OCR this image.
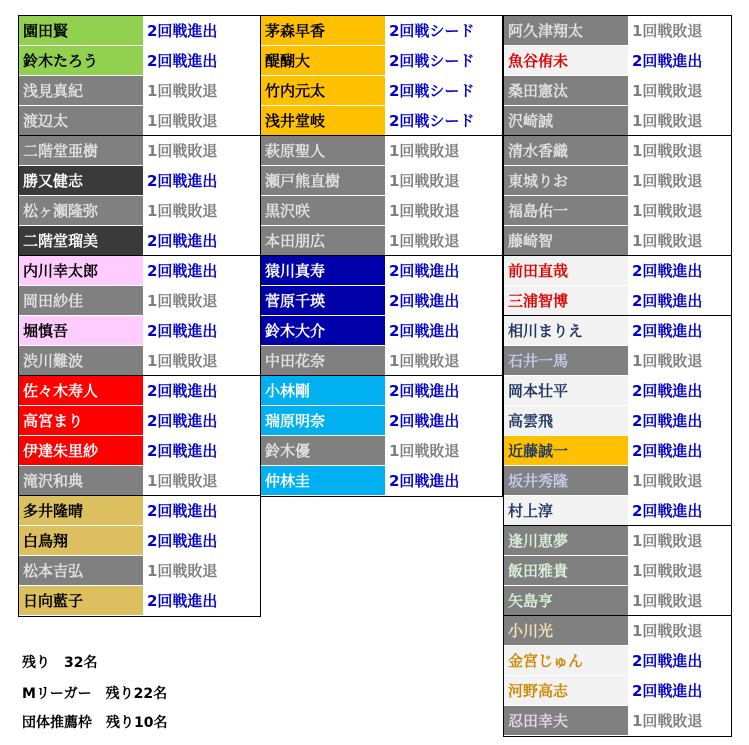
園田賢	2回戦進出
鈴木たろう	2回戦進出
浅見真紀	1回戦敗退
渡辺太	1回戦敗退
二階堂亜樹	1回戦敗退
勝又健志	2回戦進出
松ヶ瀬隆弥	1回戦敗退
二階堂瑠美	2回戦進出
内川幸太郎	2回戦進出
岡田紗佳	1回戦敗退
堀慎吾	2回戦進出
渋川難波	1回戦敗退
佐々木寿人	2回戦進出
高宮まり	2回戦進出
伊達朱里紗	2回戦進出
滝沢和典	1回戦敗退
多井隆晴	2回戦進出
白鳥翔	2回戦進出
松本吉弘	1回戦敗退
日向藍子	2回戦進出
茅森早香	2回戦シード
醍醐大	2回戦シード
竹内元太	2回戦シード
浅井堂岐	2回戦シード
萩原聖人	1回戦敗退
瀬戸熊直樹	1回戦敗退
黒沢咲	1回戦敗退
本田朋広	1回戦敗退
猿川真寿	2回戦進出
菅原千瑛	2回戦進出
鈴木大介	2回戦進出
中田花奈	1回戦敗退
小林剛	2回戦進出
瑞原明奈	2回戦進出
鈴木優	1回戦敗退
仲林圭	2回戦進出
阿久津翔太	1回戦敗退
魚谷侑未	2回戦進出
桑田憲汰	1回戦敗退
沢崎誠	1回戦敗退
清水香織	1回戦敗退
東城りお	1回戦敗退
福島佑一	1回戦敗退
藤崎智	1回戦敗退
前田直哉	2回戦進出
三浦智博	2回戦進出
相川まりえ	2回戦進出
石井一馬	1回戦敗退
岡本壮平	2回戦進出
高雲飛	2回戦進出
近藤誠一	2回戦進出
坂井秀隆	1回戦敗退
村上淳	2回戦進出
逢川恵夢	1回戦敗退
飯田雅貴	1回戦敗退
矢島亨	1回戦敗退
小川光	1回戦敗退
金宮じゅん	2回戦進出
河野高志	2回戦進出
忍田幸夫	1回戦敗退
残り　32名
Mリーガー　残り22名
団体推薦枠　残り10名
